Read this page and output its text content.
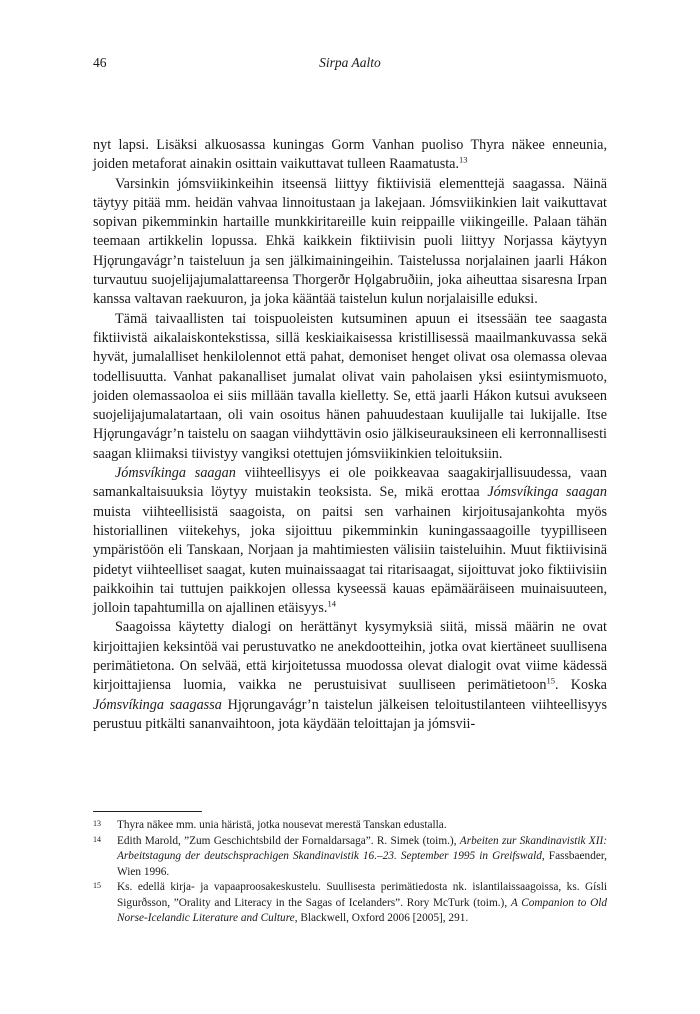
46	Sirpa Aalto

nyt lapsi. Lisäksi alkuosassa kuningas Gorm Vanhan puoliso Thyra näkee enneunia, joiden metaforat ainakin osittain vaikuttavat tulleen Raamatusta.$^{13}$

Varsinkin jómsviikinkeihin itseensä liittyy fiktiivisiä elementtejä saagassa. Näinä täytyy pitää mm. heidän vahvaa linnoitustaan ja lakejaan. Jómsviikinkien lait vaikuttavat sopivan pikemminkin hartaille munkkiritareille kuin reippaille viikingeille. Palaan tähän teemaan artikkelin lopussa. Ehkä kaikkein fiktiivisin puoli liittyy Norjassa käytyyn Hjǫrungavágr’n taisteluun ja sen jälkimainingeihin. Taistelussa norjalainen jaarli Hákon turvautuu suojelijajumalattareensa Thorgerðr Hǫlgabruðiin, joka aiheuttaa sisaresna Irpan kanssa valtavan raekuuron, ja joka kääntää taistelun kulun norjalaisille eduksi.

Tämä taivaallisten tai toispuoleisten kutsuminen apuun ei itsessään tee saagasta fiktiivistä aikalaiskontekstissa, sillä keskiaikaisessa kristillisessä maailmankuvassa sekä hyvät, jumalalliset henkilolennot että pahat, demoniset henget olivat osa olemassa olevaa todellisuutta. Vanhat pakanalliset jumalat olivat vain paholaisen yksi esiintymismuoto, joiden olemassaoloa ei siis millään tavalla kielletty. Se, että jaarli Hákon kutsui avukseen suojelijajumalatartaan, oli vain osoitus hänen pahuudestaan kuulijalle tai lukijalle. Itse Hjǫrungavágr’n taistelu on saagan viihdyttävin osio jälkiseurauksineen eli kerronnallisesti saagan kliimaksi tiivistyy vangiksi otettujen jómsviikinkien teloituksiin.

Jómsvíkinga saagan viihteellisyys ei ole poikkeavaa saagakirjallisuudessa, vaan samankaltaisuuksia löytyy muistakin teoksista. Se, mikä erottaa Jómsvíkinga saagan muista viihteellisistä saagoista, on paitsi sen varhainen kirjoitusajankohta myös historiallinen viitekehys, joka sijoittuu pikemminkin kuningassaagoille tyypilliseen ympäristöön eli Tanskaan, Norjaan ja mahtimiesten välisiin taisteluihin. Muut fiktiivisinä pidetyt viihteelliset saagat, kuten muinaissaagat tai ritarisaagat, sijoittuvat joko fiktiivisiin paikkoihin tai tuttujen paikkojen ollessa kyseessä kauas epämääräiseen muinaisuuteen, jolloin tapahtumilla on ajallinen etäisyys.$^{14}$

Saagoissa käytetty dialogi on herättänyt kysymyksiä siitä, missä määrin ne ovat kirjoittajien keksintöä vai perustuvatko ne anekdootteihin, jotka ovat kiertäneet suullisena perimätietona. On selvää, että kirjoitetussa muodossa olevat dialogit ovat viime kädessä kirjoittajiensa luomia, vaikka ne perustuisivat suulliseen perimätietoon$^{15}$. Koska Jómsvíkinga saagassa Hjǫrungavágr’n taistelun jälkeisen teloitustilanteen viihteellisyys perustuu pitkälti sananvaihtoon, jota käydään teloittajan ja jómsvii-

13	Thyra näkee mm. unia häristä, jotka nousevat merestä Tanskan edustalla.
14	Edith Marold, ”Zum Geschichtsbild der Fornaldarsaga”. R. Simek (toim.), Arbeiten zur Skandinavistik XII: Arbeitstagung der deutschsprachigen Skandinavistik 16.–23. September 1995 in Greifswald, Fassbaender, Wien 1996.
15	Ks. edellä kirja- ja vapaaproosakeskustelu. Suullisesta perimätiedosta nk. islantilaissaagoissa, ks. Gísli Sigurðsson, ”Orality and Literacy in the Sagas of Icelanders”. Rory McTurk (toim.), A Companion to Old Norse-Icelandic Literature and Culture, Blackwell, Oxford 2006 [2005], 291.
